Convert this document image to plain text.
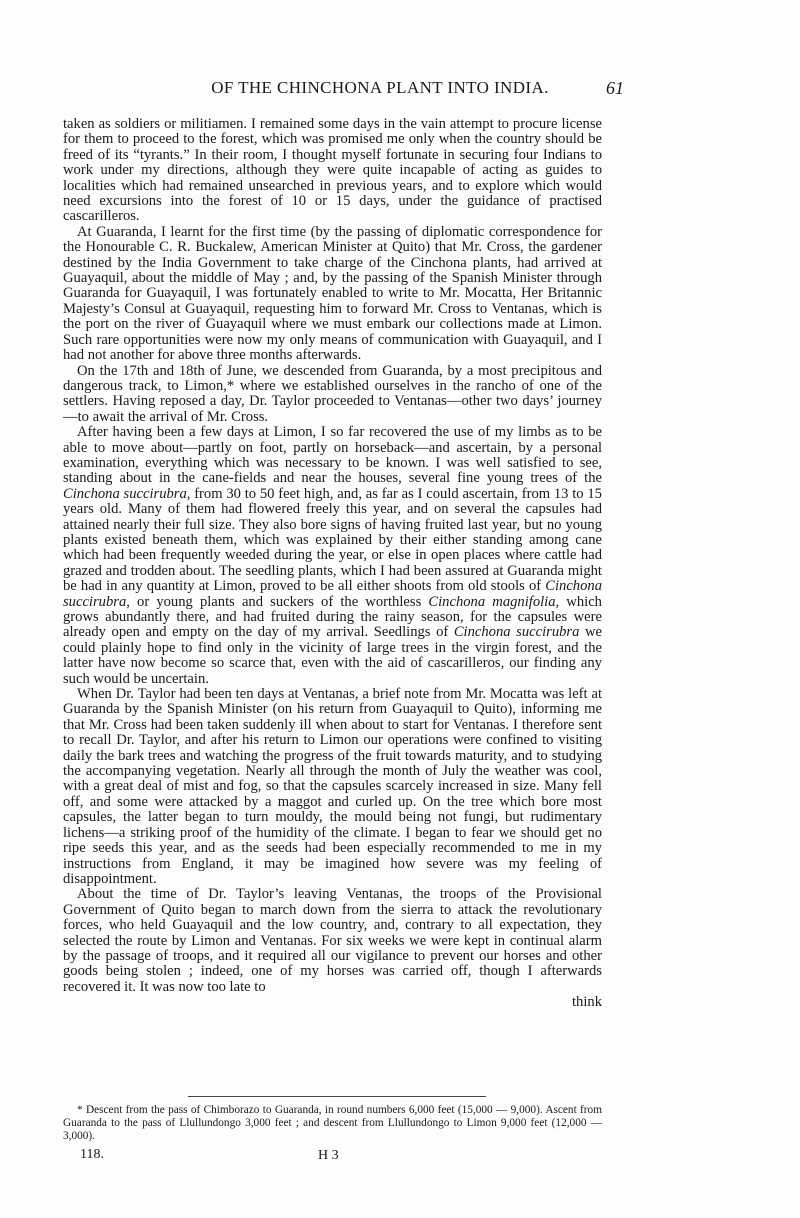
OF THE CHINCHONA PLANT INTO INDIA.	61

taken as soldiers or militiamen. I remained some days in the vain attempt to procure license for them to proceed to the forest, which was promised me only when the country should be freed of its “tyrants.” In their room, I thought myself fortunate in securing four Indians to work under my directions, although they were quite incapable of acting as guides to localities which had remained unsearched in previous years, and to explore which would need excursions into the forest of 10 or 15 days, under the guidance of practised cascarilleros.

At Guaranda, I learnt for the first time (by the passing of diplomatic correspondence for the Honourable C. R. Buckalew, American Minister at Quito) that Mr. Cross, the gardener destined by the India Government to take charge of the Cinchona plants, had arrived at Guayaquil, about the middle of May ; and, by the passing of the Spanish Minister through Guaranda for Guayaquil, I was fortunately enabled to write to Mr. Mocatta, Her Britannic Majesty’s Consul at Guayaquil, requesting him to forward Mr. Cross to Ventanas, which is the port on the river of Guayaquil where we must embark our collections made at Limon. Such rare opportunities were now my only means of communication with Guayaquil, and I had not another for above three months afterwards.

On the 17th and 18th of June, we descended from Guaranda, by a most precipitous and dangerous track, to Limon,* where we established ourselves in the rancho of one of the settlers. Having reposed a day, Dr. Taylor proceeded to Ventanas—other two days’ journey—to await the arrival of Mr. Cross.

After having been a few days at Limon, I so far recovered the use of my limbs as to be able to move about—partly on foot, partly on horseback—and ascertain, by a personal examination, everything which was necessary to be known. I was well satisfied to see, standing about in the cane-fields and near the houses, several fine young trees of the Cinchona succirubra, from 30 to 50 feet high, and, as far as I could ascertain, from 13 to 15 years old. Many of them had flowered freely this year, and on several the capsules had attained nearly their full size. They also bore signs of having fruited last year, but no young plants existed beneath them, which was explained by their either standing among cane which had been frequently weeded during the year, or else in open places where cattle had grazed and trodden about. The seedling plants, which I had been assured at Guaranda might be had in any quantity at Limon, proved to be all either shoots from old stools of Cinchona succirubra, or young plants and suckers of the worthless Cinchona magnifolia, which grows abundantly there, and had fruited during the rainy season, for the capsules were already open and empty on the day of my arrival. Seedlings of Cinchona succirubra we could plainly hope to find only in the vicinity of large trees in the virgin forest, and the latter have now become so scarce that, even with the aid of cascarilleros, our finding any such would be uncertain.

When Dr. Taylor had been ten days at Ventanas, a brief note from Mr. Mocatta was left at Guaranda by the Spanish Minister (on his return from Guayaquil to Quito), informing me that Mr. Cross had been taken suddenly ill when about to start for Ventanas. I therefore sent to recall Dr. Taylor, and after his return to Limon our operations were confined to visiting daily the bark trees and watching the progress of the fruit towards maturity, and to studying the accompanying vegetation. Nearly all through the month of July the weather was cool, with a great deal of mist and fog, so that the capsules scarcely increased in size. Many fell off, and some were attacked by a maggot and curled up. On the tree which bore most capsules, the latter began to turn mouldy, the mould being not fungi, but rudimentary lichens—a striking proof of the humidity of the climate. I began to fear we should get no ripe seeds this year, and as the seeds had been especially recommended to me in my instructions from England, it may be imagined how severe was my feeling of disappointment.

About the time of Dr. Taylor’s leaving Ventanas, the troops of the Provisional Government of Quito began to march down from the sierra to attack the revolutionary forces, who held Guayaquil and the low country, and, contrary to all expectation, they selected the route by Limon and Ventanas. For six weeks we were kept in continual alarm by the passage of troops, and it required all our vigilance to prevent our horses and other goods being stolen ; indeed, one of my horses was carried off, though I afterwards recovered it. It was now too late to

think
* Descent from the pass of Chimborazo to Guaranda, in round numbers 6,000 feet (15,000 — 9,000). Ascent from Guaranda to the pass of Llullundongo 3,000 feet ; and descent from Llullundongo to Limon 9,000 feet (12,000 — 3,000).
118.	H 3
